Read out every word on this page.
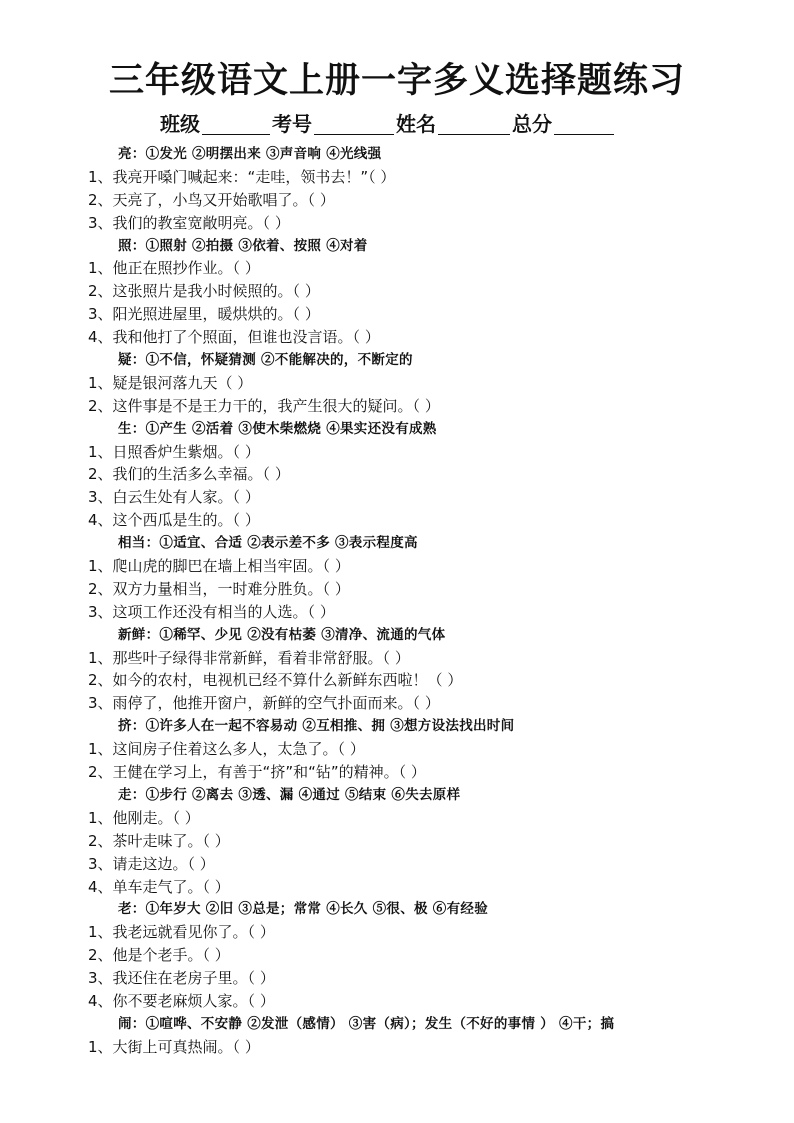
三年级语文上册一字多义选择题练习
班级	考号	姓名	总分
亮：①发光 ②明摆出来 ③声音响 ④光线强
1、我亮开嗓门喊起来：“走哇，领书去！”（ ）
2、天亮了，小鸟又开始歌唱了。（ ）
3、我们的教室宽敞明亮。（ ）
照：①照射 ②拍摄 ③依着、按照 ④对着
1、他正在照抄作业。（ ）
2、这张照片是我小时候照的。（ ）
3、阳光照进屋里，暖烘烘的。（ ）
4、我和他打了个照面，但谁也没言语。（ ）
疑：①不信，怀疑猜测 ②不能解决的，不断定的
1、疑是银河落九天（ ）
2、这件事是不是王力干的，我产生很大的疑问。（ ）
生：①产生 ②活着 ③使木柴燃烧 ④果实还没有成熟
1、日照香炉生紫烟。（ ）
2、我们的生活多么幸福。（ ）
3、白云生处有人家。（ ）
4、这个西瓜是生的。（ ）
相当：①适宜、合适 ②表示差不多 ③表示程度高
1、爬山虎的脚巴在墙上相当牢固。（ ）
2、双方力量相当，一时难分胜负。（ ）
3、这项工作还没有相当的人选。（ ）
新鲜：①稀罕、少见 ②没有枯萎 ③清净、流通的气体
1、那些叶子绿得非常新鲜，看着非常舒服。（ ）
2、如今的农村，电视机已经不算什么新鲜东西啦！（ ）
3、雨停了，他推开窗户，新鲜的空气扑面而来。（ ）
挤：①许多人在一起不容易动 ②互相推、拥 ③想方设法找出时间
1、这间房子住着这么多人，太急了。（ ）
2、王健在学习上，有善于“挤”和“钻”的精神。（ ）
走：①步行 ②离去 ③透、漏 ④通过 ⑤结束 ⑥失去原样
1、他刚走。（ ）
2、茶叶走味了。（ ）
3、请走这边。（ ）
4、单车走气了。（ ）
老：①年岁大 ②旧 ③总是；常常 ④长久 ⑤很、极 ⑥有经验
1、我老远就看见你了。（ ）
2、他是个老手。（ ）
3、我还住在老房子里。（ ）
4、你不要老麻烦人家。（ ）
闹：①喧哗、不安静 ②发泄（感情） ③害（病）；发生（不好的事情 ） ④干；搞
1、大街上可真热闹。（ ）
